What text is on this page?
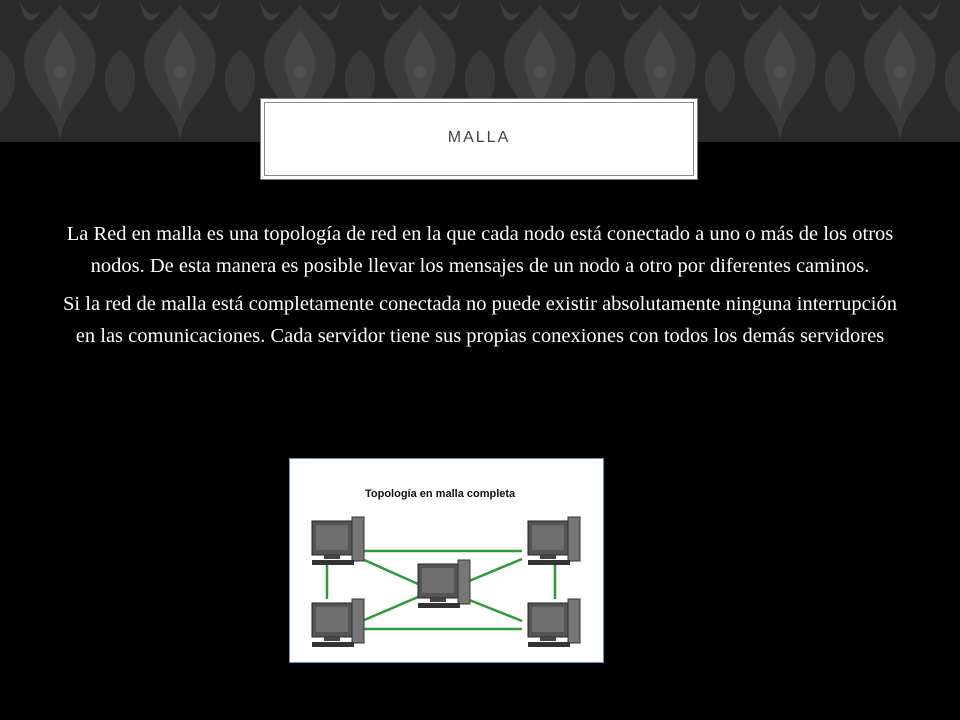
MALLA

La Red en malla es una topología de red en la que cada nodo está conectado a uno o más de los otros nodos. De esta manera es posible llevar los mensajes de un nodo a otro por diferentes caminos.

Si la red de malla está completamente conectada no puede existir absolutamente ninguna interrupción en las comunicaciones. Cada servidor tiene sus propias conexiones con todos los demás servidores

Topología en malla completa
